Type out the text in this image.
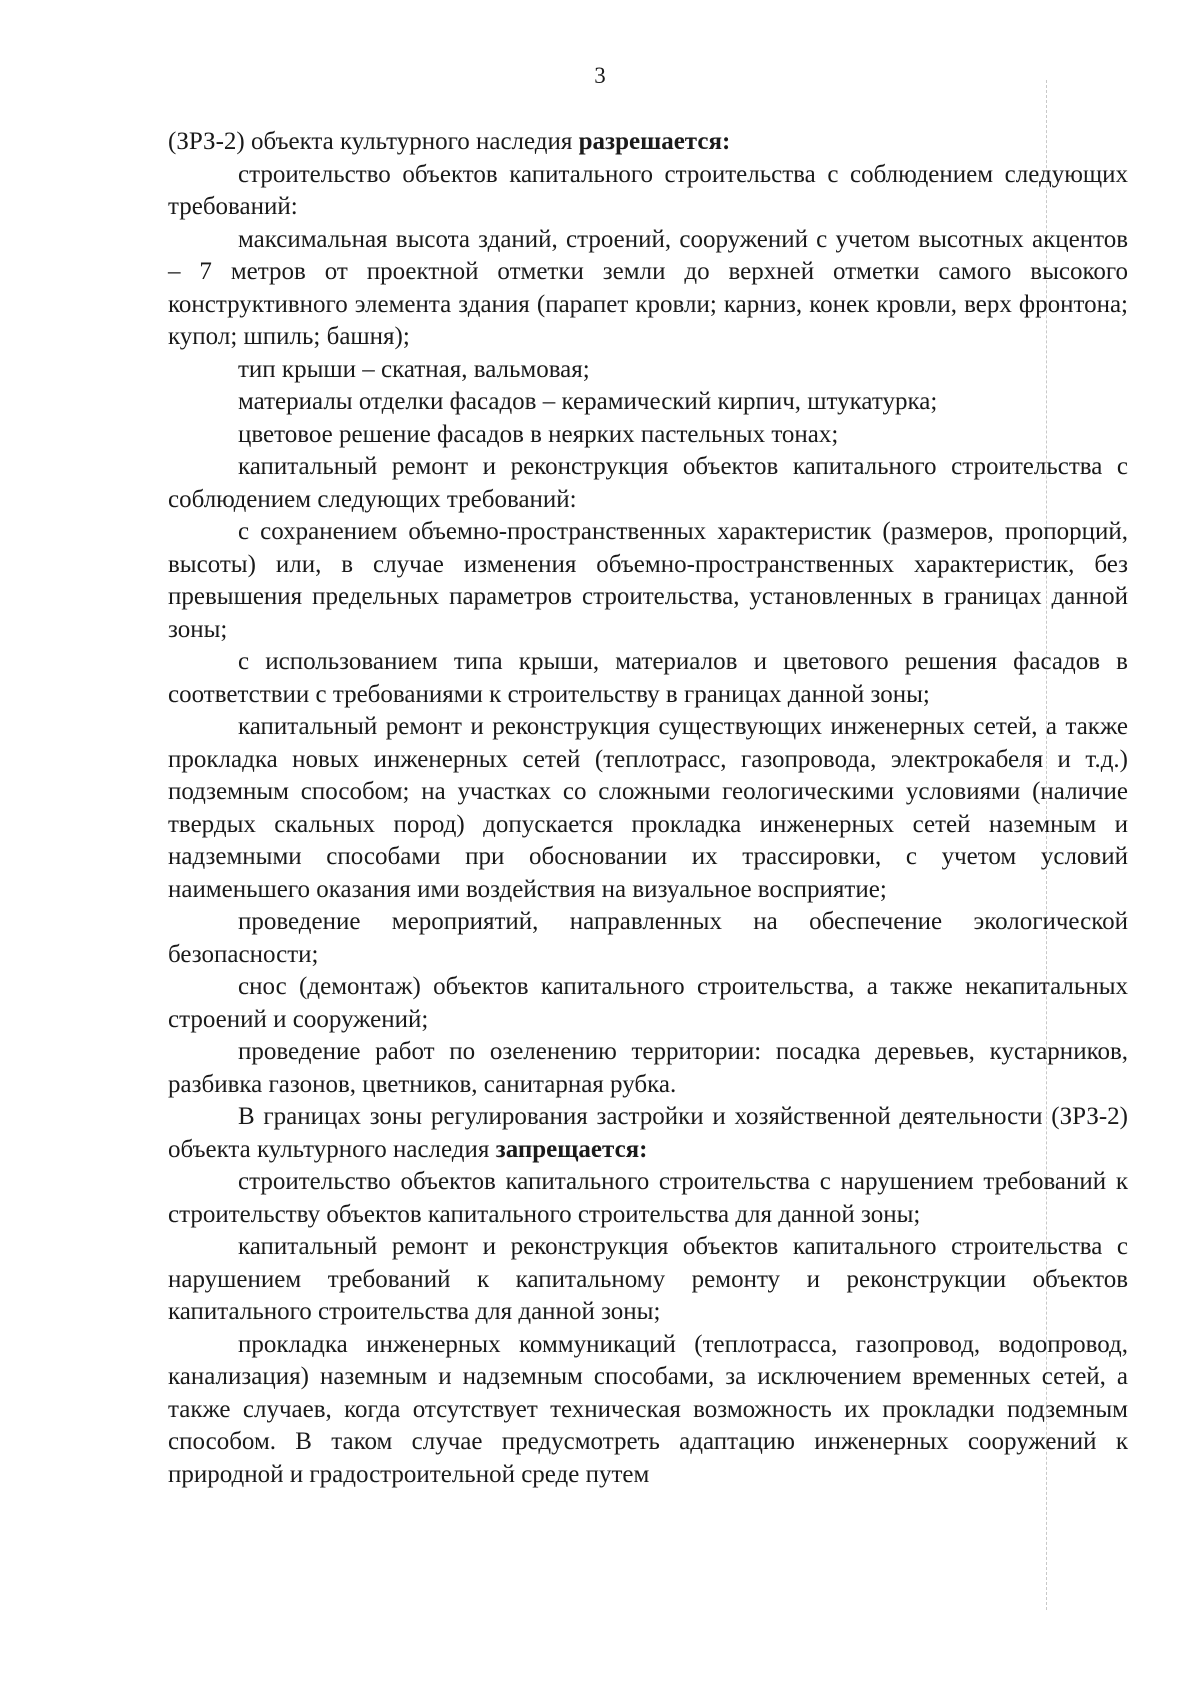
3

(ЗРЗ-2) объекта культурного наследия разрешается:

строительство объектов капитального строительства с соблюдением следующих требований:

максимальная высота зданий, строений, сооружений с учетом высотных акцентов – 7 метров от проектной отметки земли до верхней отметки самого высокого конструктивного элемента здания (парапет кровли; карниз, конек кровли, верх фронтона; купол; шпиль; башня);

тип крыши – скатная, вальмовая;

материалы отделки фасадов – керамический кирпич, штукатурка;

цветовое решение фасадов в неярких пастельных тонах;

капитальный ремонт и реконструкция объектов капитального строительства с соблюдением следующих требований:

с сохранением объемно-пространственных характеристик (размеров, пропорций, высоты) или, в случае изменения объемно-пространственных характеристик, без превышения предельных параметров строительства, установленных в границах данной зоны;

с использованием типа крыши, материалов и цветового решения фасадов в соответствии с требованиями к строительству в границах данной зоны;

капитальный ремонт и реконструкция существующих инженерных сетей, а также прокладка новых инженерных сетей (теплотрасс, газопровода, электрокабеля и т.д.) подземным способом; на участках со сложными геологическими условиями (наличие твердых скальных пород) допускается прокладка инженерных сетей наземным и надземными способами при обосновании их трассировки, с учетом условий наименьшего оказания ими воздействия на визуальное восприятие;

проведение мероприятий, направленных на обеспечение экологической безопасности;

снос (демонтаж) объектов капитального строительства, а также некапитальных строений и сооружений;

проведение работ по озеленению территории: посадка деревьев, кустарников, разбивка газонов, цветников, санитарная рубка.

В границах зоны регулирования застройки и хозяйственной деятельности (ЗРЗ-2) объекта культурного наследия запрещается:

строительство объектов капитального строительства с нарушением требований к строительству объектов капитального строительства для данной зоны;

капитальный ремонт и реконструкция объектов капитального строительства с нарушением требований к капитальному ремонту и реконструкции объектов капитального строительства для данной зоны;

прокладка инженерных коммуникаций (теплотрасса, газопровод, водопровод, канализация) наземным и надземным способами, за исключением временных сетей, а также случаев, когда отсутствует техническая возможность их прокладки подземным способом. В таком случае предусмотреть адаптацию инженерных сооружений к природной и градостроительной среде путем
